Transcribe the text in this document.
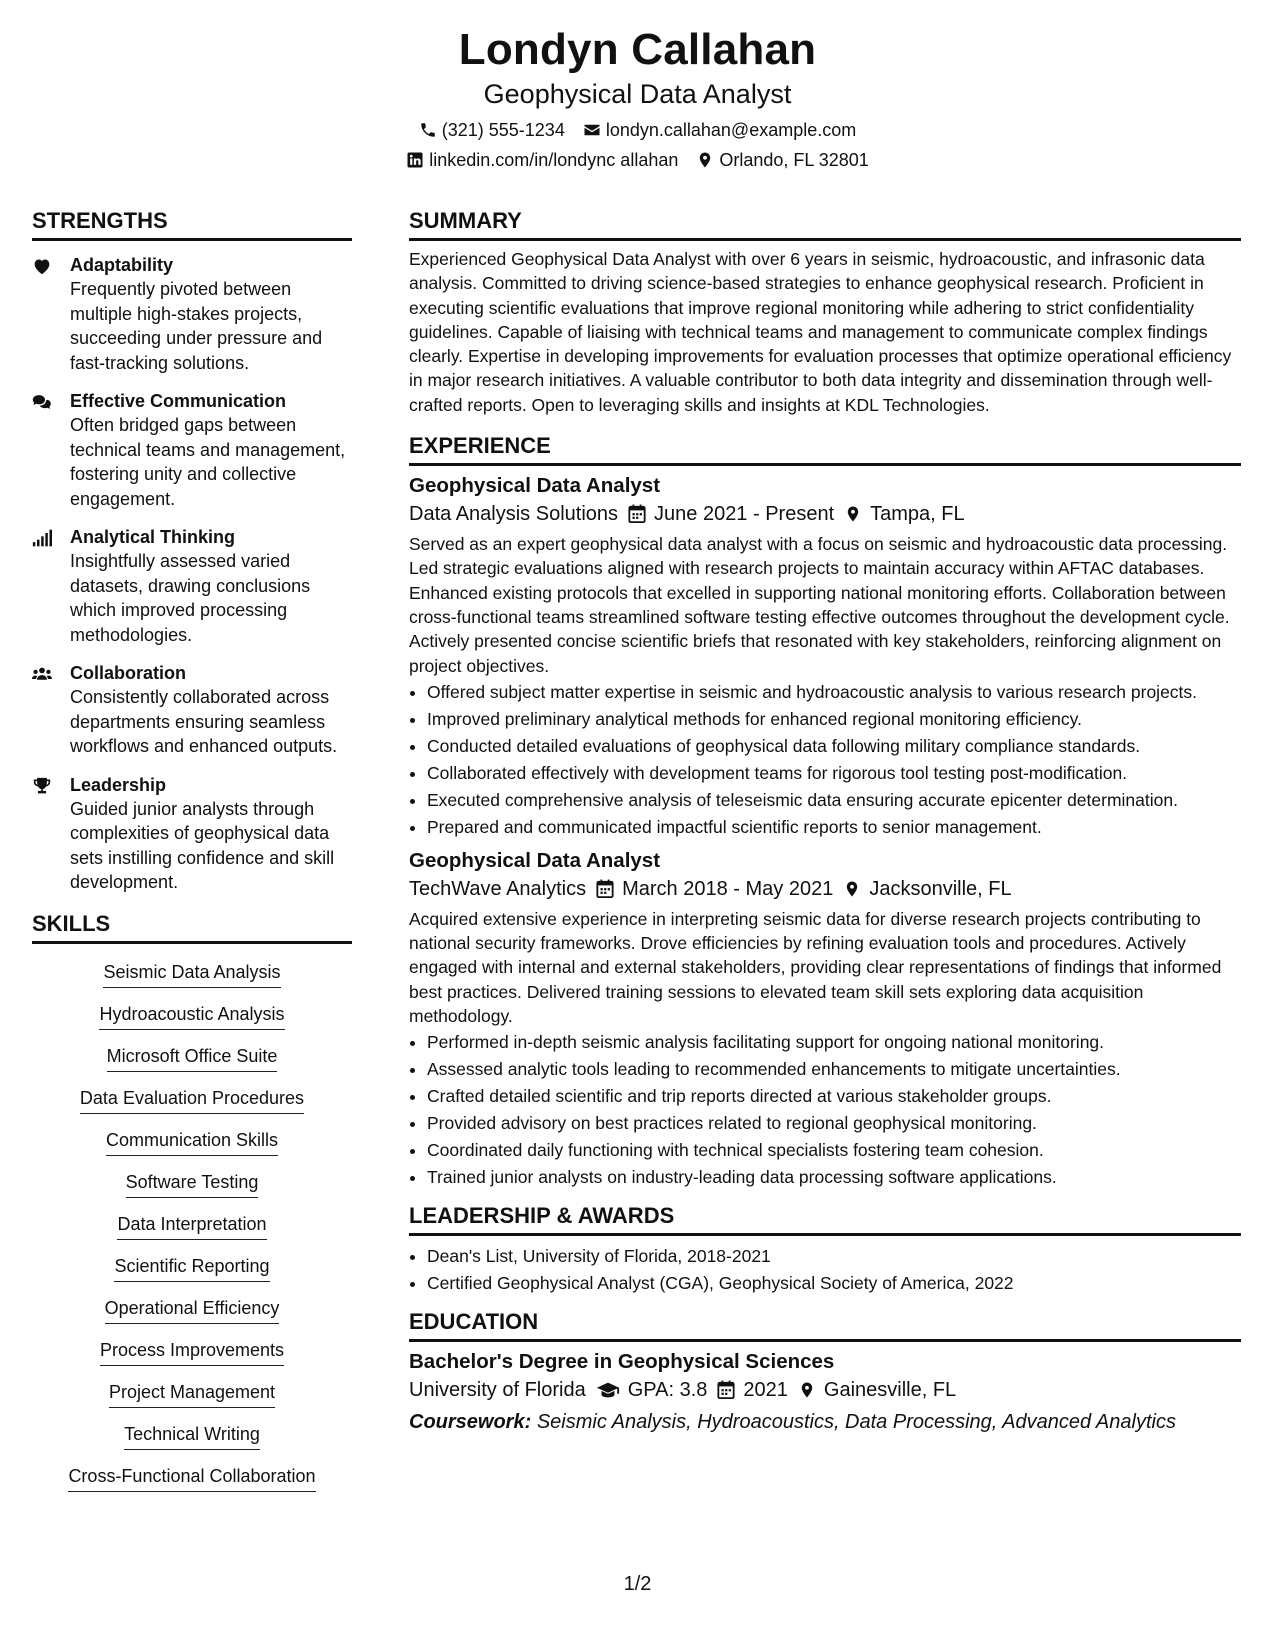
Londyn Callahan
Geophysical Data Analyst
(321) 555-1234 londyn.callahan@example.com
linkedin.com/in/londync allahan Orlando, FL 32801
STRENGTHS
Adaptability
Frequently pivoted between multiple high-stakes projects, succeeding under pressure and fast-tracking solutions.
Effective Communication
Often bridged gaps between technical teams and management, fostering unity and collective engagement.
Analytical Thinking
Insightfully assessed varied datasets, drawing conclusions which improved processing methodologies.
Collaboration
Consistently collaborated across departments ensuring seamless workflows and enhanced outputs.
Leadership
Guided junior analysts through complexities of geophysical data sets instilling confidence and skill development.
SKILLS
Seismic Data Analysis
Hydroacoustic Analysis
Microsoft Office Suite
Data Evaluation Procedures
Communication Skills
Software Testing
Data Interpretation
Scientific Reporting
Operational Efficiency
Process Improvements
Project Management
Technical Writing
Cross-Functional Collaboration
SUMMARY
Experienced Geophysical Data Analyst with over 6 years in seismic, hydroacoustic, and infrasonic data analysis. Committed to driving science-based strategies to enhance geophysical research. Proficient in executing scientific evaluations that improve regional monitoring while adhering to strict confidentiality guidelines. Capable of liaising with technical teams and management to communicate complex findings clearly. Expertise in developing improvements for evaluation processes that optimize operational efficiency in major research initiatives. A valuable contributor to both data integrity and dissemination through well-crafted reports. Open to leveraging skills and insights at KDL Technologies.
EXPERIENCE
Geophysical Data Analyst
Data Analysis Solutions June 2021 - Present Tampa, FL
Served as an expert geophysical data analyst with a focus on seismic and hydroacoustic data processing. Led strategic evaluations aligned with research projects to maintain accuracy within AFTAC databases. Enhanced existing protocols that excelled in supporting national monitoring efforts. Collaboration between cross-functional teams streamlined software testing effective outcomes throughout the development cycle. Actively presented concise scientific briefs that resonated with key stakeholders, reinforcing alignment on project objectives.
• Offered subject matter expertise in seismic and hydroacoustic analysis to various research projects.
• Improved preliminary analytical methods for enhanced regional monitoring efficiency.
• Conducted detailed evaluations of geophysical data following military compliance standards.
• Collaborated effectively with development teams for rigorous tool testing post-modification.
• Executed comprehensive analysis of teleseismic data ensuring accurate epicenter determination.
• Prepared and communicated impactful scientific reports to senior management.
Geophysical Data Analyst
TechWave Analytics March 2018 - May 2021 Jacksonville, FL
Acquired extensive experience in interpreting seismic data for diverse research projects contributing to national security frameworks. Drove efficiencies by refining evaluation tools and procedures. Actively engaged with internal and external stakeholders, providing clear representations of findings that informed best practices. Delivered training sessions to elevated team skill sets exploring data acquisition methodology.
• Performed in-depth seismic analysis facilitating support for ongoing national monitoring.
• Assessed analytic tools leading to recommended enhancements to mitigate uncertainties.
• Crafted detailed scientific and trip reports directed at various stakeholder groups.
• Provided advisory on best practices related to regional geophysical monitoring.
• Coordinated daily functioning with technical specialists fostering team cohesion.
• Trained junior analysts on industry-leading data processing software applications.
LEADERSHIP & AWARDS
• Dean's List, University of Florida, 2018-2021
• Certified Geophysical Analyst (CGA), Geophysical Society of America, 2022
EDUCATION
Bachelor's Degree in Geophysical Sciences
University of Florida GPA: 3.8 2021 Gainesville, FL
Coursework: Seismic Analysis, Hydroacoustics, Data Processing, Advanced Analytics
1/2
